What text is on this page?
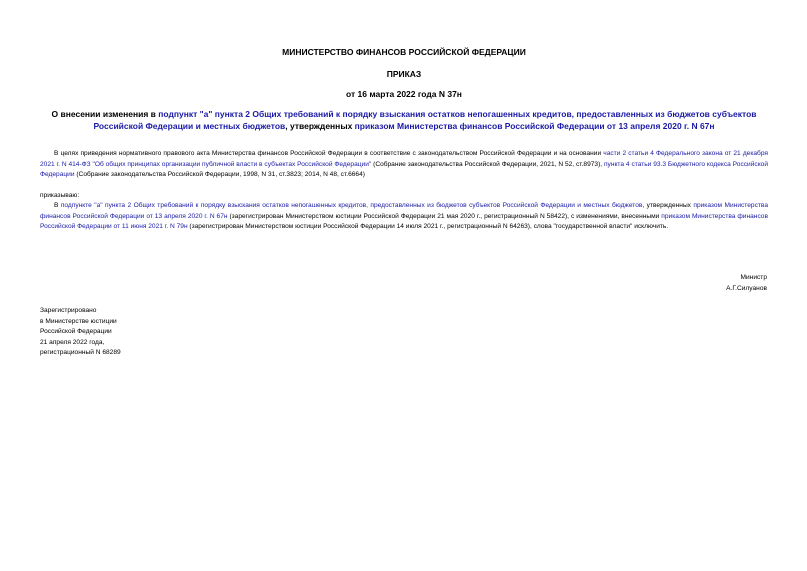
МИНИСТЕРСТВО ФИНАНСОВ РОССИЙСКОЙ ФЕДЕРАЦИИ
ПРИКАЗ
от 16 марта 2022 года N 37н
О внесении изменения в подпункт "а" пункта 2 Общих требований к порядку взыскания остатков непогашенных кредитов, предоставленных из бюджетов субъектов Российской Федерации и местных бюджетов, утвержденных приказом Министерства финансов Российской Федерации от 13 апреля 2020 г. N 67н
В целях приведения нормативного правового акта Министерства финансов Российской Федерации в соответствие с законодательством Российской Федерации и на основании части 2 статьи 4 Федерального закона от 21 декабря 2021 г. N 414-ФЗ "Об общих принципах организации публичной власти в субъектах Российской Федерации" (Собрание законодательства Российской Федерации, 2021, N 52, ст.8973), пункта 4 статьи 93.3 Бюджетного кодекса Российской Федерации (Собрание законодательства Российской Федерации, 1998, N 31, ст.3823; 2014, N 48, ст.6664)
приказываю:
В подпункте "а" пункта 2 Общих требований к порядку взыскания остатков непогашенных кредитов, предоставленных из бюджетов субъектов Российской Федерации и местных бюджетов, утвержденных приказом Министерства финансов Российской Федерации от 13 апреля 2020 г. N 67н (зарегистрирован Министерством юстиции Российской Федерации 21 мая 2020 г., регистрационный N 58422), с изменениями, внесенными приказом Министерства финансов Российской Федерации от 11 июня 2021 г. N 79н (зарегистрирован Министерством юстиции Российской Федерации 14 июля 2021 г., регистрационный N 64263), слова "государственной власти" исключить.
Министр
А.Г.Силуанов
Зарегистрировано
в Министерстве юстиции
Российской Федерации
21 апреля 2022 года,
регистрационный N 68289
